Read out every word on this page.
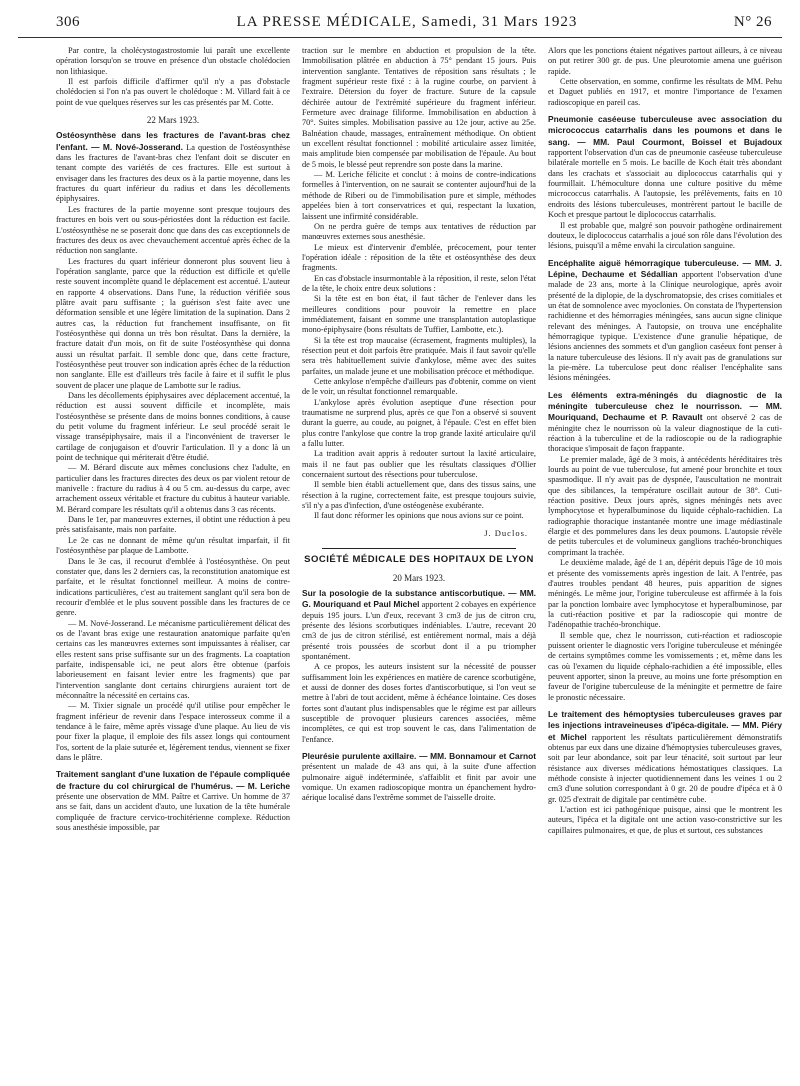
306	LA PRESSE MÉDICALE, Samedi, 31 Mars 1923	N° 26

Par contre, la cholécystogastrostomie lui paraît une excellente opération lorsqu'on se trouve en présence d'un obstacle cholédocien non lithiasique.

Il est parfois difficile d'affirmer qu'il n'y a pas d'obstacle cholédocien si l'on n'a pas ouvert le cholédoque : M. Villard fait à ce point de vue quelques réserves sur les cas présentés par M. Cotte.

22 Mars 1923.

Ostéosynthèse dans les fractures de l'avant-bras chez l'enfant. — M. Nové-Josserand. La question de l'ostéosynthèse dans les fractures de l'avant-bras chez l'enfant doit se discuter en tenant compte des variétés de ces fractures. Elle est surtout à envisager dans les fractures des deux os à la partie moyenne, dans les fractures du quart inférieur du radius et dans les décollements épiphysaires.

Les fractures de la partie moyenne sont presque toujours des fractures en bois vert ou sous-périostées dont la réduction est facile. L'ostéosynthèse ne se poserait donc que dans des cas exceptionnels de fractures des deux os avec chevauchement accentué après échec de la réduction non sanglante.

Les fractures du quart inférieur donneront plus souvent lieu à l'opération sanglante, parce que la réduction est difficile et qu'elle reste souvent incomplète quand le déplacement est accentué. L'auteur en rapporte 4 observations. Dans l'une, la réduction vérifiée sous plâtre avait paru suffisante ; la guérison s'est faite avec une déformation sensible et une légère limitation de la supination. Dans 2 autres cas, la réduction fut franchement insuffisante, on fit l'ostéosynthèse qui donna un très bon résultat. Dans la dernière, la fracture datait d'un mois, on fit de suite l'ostéosynthèse qui donna aussi un résultat parfait. Il semble donc que, dans cette fracture, l'ostéosynthèse peut trouver son indication après échec de la réduction non sanglante. Elle est d'ailleurs très facile à faire et il suffit le plus souvent de placer une plaque de Lambotte sur le radius.

Dans les décollements épiphysaires avec déplacement accentué, la réduction est aussi souvent difficile et incomplète, mais l'ostéosynthèse se présente dans de moins bonnes conditions, à cause du petit volume du fragment inférieur. Le seul procédé serait le vissage transépiphysaire, mais il a l'inconvénient de traverser le cartilage de conjugaison et d'ouvrir l'articulation. Il y a donc là un point de technique qui mériterait d'être étudié.

— M. Bérard discute aux mêmes conclusions chez l'adulte, en particulier dans les fractures directes des deux os par violent retour de manivelle : fracture du radius à 4 ou 5 cm. au-dessus du carpe, avec arrachement osseux véritable et fracture du cubitus à hauteur variable. M. Bérard compare les résultats qu'il a obtenus dans 3 cas récents.

Dans le 1er, par manœuvres externes, il obtint une réduction à peu près satisfaisante, mais non parfaite.

Le 2e cas ne donnant de même qu'un résultat imparfait, il fit l'ostéosynthèse par plaque de Lambotte.

Dans le 3e cas, il recourut d'emblée à l'ostéosynthèse. On peut constater que, dans les 2 derniers cas, la reconstitution anatomique est parfaite, et le résultat fonctionnel meilleur. A moins de contre-indications particulières, c'est au traitement sanglant qu'il sera bon de recourir d'emblée et le plus souvent possible dans les fractures de ce genre.

— M. Nové-Josserand. Le mécanisme particulièrement délicat des os de l'avant bras exige une restauration anatomique parfaite qu'en certains cas les manœuvres externes sont impuissantes à réaliser, car elles restent sans prise suffisante sur un des fragments. La coaptation parfaite, indispensable ici, ne peut alors être obtenue (parfois laborieusement en faisant levier entre les fragments) que par l'intervention sanglante dont certains chirurgiens auraient tort de méconnaître la nécessité en certains cas.

— M. Tixier signale un procédé qu'il utilise pour empêcher le fragment inférieur de revenir dans l'espace interosseux comme il a tendance à le faire, même après vissage d'une plaque. Au lieu de vis pour fixer la plaque, il emploie des fils assez longs qui contournent l'os, sortent de la plaie suturée et, légèrement tendus, viennent se fixer dans le plâtre.

Traitement sanglant d'une luxation de l'épaule compliquée de fracture du col chirurgical de l'humérus. — M. Leriche présente une observation de MM. Paître et Carrive. Un homme de 37 ans se fait, dans un accident d'auto, une luxation de la tête humérale compliquée de fracture cervico-trochitérienne complexe. Réduction sous anesthésie impossible, par

traction sur le membre en abduction et propulsion de la tête. Immobilisation plâtrée en abduction à 75° pendant 15 jours. Puis intervention sanglante. Tentatives de réposition sans résultats ; le fragment supérieur reste fixé : à la rugine courbe, on parvient à l'extraire. Détersion du foyer de fracture. Suture de la capsule déchirée autour de l'extrémité supérieure du fragment inférieur. Fermeture avec drainage filiforme. Immobilisation en abduction à 70°. Suites simples. Mobilisation passive au 12e jour, active au 25e. Balnéation chaude, massages, entraînement méthodique. On obtient un excellent résultat fonctionnel : mobilité articulaire assez limitée, mais amplitude bien compensée par mobilisation de l'épaule. Au bout de 5 mois, le blessé peut reprendre son poste dans la marine.

— M. Leriche félicite et conclut : à moins de contre-indications formelles à l'intervention, on ne saurait se contenter aujourd'hui de la méthode de Riberi ou de l'immobilisation pure et simple, méthodes appelées bien à tort conservatrices et qui, respectant la luxation, laissent une infirmité considérable.

On ne perdra guère de temps aux tentatives de réduction par manœuvres externes sous anesthésie.

Le mieux est d'intervenir d'emblée, précocement, pour tenter l'opération idéale : réposition de la tête et ostéosynthèse des deux fragments.

En cas d'obstacle insurmontable à la réposition, il reste, selon l'état de la tête, le choix entre deux solutions :

Si la tête est en bon état, il faut tâcher de l'enlever dans les meilleures conditions pour pouvoir la remettre en place immédiatement, faisant en somme une transplantation autoplastique mono-épiphysaire (bons résultats de Tuffier, Lambotte, etc.).

Si la tête est trop maucaise (écrasement, fragments multiples), la résection peut et doit parfois être pratiquée. Mais il faut savoir qu'elle sera très habituellement suivie d'ankylose, même avec des suites parfaites, un malade jeune et une mobilisation précoce et méthodique.

Cette ankylose n'empêche d'ailleurs pas d'obtenir, comme on vient de le voir, un résultat fonctionnel remarquable.

L'ankylose après évolution aseptique d'une résection pour traumatisme ne surprend plus, après ce que l'on a observé si souvent durant la guerre, au coude, au poignet, à l'épaule. C'est en effet bien plus contre l'ankylose que contre la trop grande laxité articulaire qu'il a fallu lutter.

La tradition avait appris à redouter surtout la laxité articulaire, mais il ne faut pas oublier que les résultats classiques d'Ollier concernaient surtout des résections pour tuberculose.

Il semble bien établi actuellement que, dans des tissus sains, une résection à la rugine, correctement faite, est presque toujours suivie, s'il n'y a pas d'infection, d'une ostéogenèse exubérante.

Il faut donc réformer les opinions que nous avions sur ce point.

J. Duclos.
SOCIÉTÉ MÉDICALE DES HOPITAUX DE LYON
20 Mars 1923.

Sur la posologie de la substance antiscorbutique. — MM. G. Mouriquand et Paul Michel apportent 2 cobayes en expérience depuis 195 jours. L'un d'eux, recevant 3 cm3 de jus de citron cru, présente des lésions scorbutiques indéniables. L'autre, recevant 20 cm3 de jus de citron stérilisé, est entièrement normal, mais a déjà présenté trois poussées de scorbut dont il a pu triompher spontanément.

A ce propos, les auteurs insistent sur la nécessité de pousser suffisamment loin les expériences en matière de carence scorbutigène, et aussi de donner des doses fortes d'antiscorbutique, si l'on veut se mettre à l'abri de tout accident, même à échéance lointaine. Ces doses fortes sont d'autant plus indispensables que le régime est par ailleurs susceptible de provoquer plusieurs carences associées, même incomplètes, ce qui est trop souvent le cas, dans l'alimentation de l'enfance.

Pleurésie purulente axillaire. — MM. Bonnamour et Carnot présentent un malade de 43 ans qui, à la suite d'une affection pulmonaire aiguë indéterminée, s'affaiblit et finit par avoir une vomique. Un examen radioscopique montra un épanchement hydro-aérique localisé dans l'extrême sommet de l'aisselle droite.

Alors que les ponctions étaient négatives partout ailleurs, à ce niveau on put retirer 300 gr. de pus. Une pleurotomie amena une guérison rapide.

Cette observation, en somme, confirme les résultats de MM. Pehu et Daguet publiés en 1917, et montre l'importance de l'examen radioscopique en pareil cas.

Pneumonie caséeuse tuberculeuse avec association du micrococcus catarrhalis dans les poumons et dans le sang. — MM. Paul Courmont, Boissel et Bujadoux rapportent l'observation d'un cas de pneumonie caséeuse tuberculeuse bilatérale mortelle en 5 mois. Le bacille de Koch était très abondant dans les crachats et s'associait au diplococcus catarrhalis qui y fourmillait. L'hémoculture donna une culture positive du même micrococcus catarrhalis. A l'autopsie, les prélèvements, faits en 10 endroits des lésions tuberculeuses, montrèrent partout le bacille de Koch et presque partout le diplococcus catarrhalis.

Il est probable que, malgré son pouvoir pathogène ordinairement douteux, le diplococcus catarrhalis a joué son rôle dans l'évolution des lésions, puisqu'il a même envahi la circulation sanguine.

Encéphalite aiguë hémorragique tuberculeuse. — MM. J. Lépine, Dechaume et Sédallian apportent l'observation d'une malade de 23 ans, morte à la Clinique neurologique, après avoir présenté de la diplopie, de la dyschromatopsie, des crises comitiales et un état de somnolence avec myoclonies. On constata de l'hypertension rachidienne et des hémorragies méningées, sans aucun signe clinique relevant des méninges. A l'autopsie, on trouva une encéphalite hémorragique typique. L'existence d'une granulie hépatique, de lésions anciennes des sommets et d'un ganglion caséeux font penser à la nature tuberculeuse des lésions. Il n'y avait pas de granulations sur la pie-mère. La tuberculose peut donc réaliser l'encéphalite sans lésions méningées.

Les éléments extra-méningés du diagnostic de la méningite tuberculeuse chez le nourrisson. — MM. Mouriquand, Dechaume et P. Ravault ont observé 2 cas de méningite chez le nourrisson où la valeur diagnostique de la cuti-réaction à la tuberculine et de la radioscopie ou de la radiographie thoracique s'imposait de façon frappante.

Le premier malade, âgé de 3 mois, à antécédents héréditaires très lourds au point de vue tuberculose, fut amené pour bronchite et toux spasmodique. Il n'y avait pas de dyspnée, l'auscultation ne montrait que des sibilances, la température oscillait autour de 38°. Cuti-réaction positive. Deux jours après, signes méningés nets avec lymphocytose et hyperalbuminose du liquide céphalo-rachidien. La radiographie thoracique instantanée montre une image médiastinale élargie et des pommelures dans les deux poumons. L'autopsie révèle de petits tubercules et de volumineux ganglions trachéo-bronchiques comprimant la trachée.

Le deuxième malade, âgé de 1 an, dépérit depuis l'âge de 10 mois et présente des vomissements après ingestion de lait. A l'entrée, pas d'autres troubles pendant 48 heures, puis apparition de signes méningés. Le même jour, l'origine tuberculeuse est affirmée à la fois par la ponction lombaire avec lymphocytose et hyperalbuminose, par la cuti-réaction positive et par la radioscopie qui montre de l'adénopathie trachéo-bronchique.

Il semble que, chez le nourrisson, cuti-réaction et radioscopie puissent orienter le diagnostic vers l'origine tuberculeuse et méningée de certains symptômes comme les vomissements ; et, même dans les cas où l'examen du liquide céphalo-rachidien a été impossible, elles peuvent apporter, sinon la preuve, au moins une forte présomption en faveur de l'origine tuberculeuse de la méningite et permettre de faire le pronostic nécessaire.

Le traitement des hémoptysies tuberculeuses graves par les injections intraveineuses d'ipéca-digitale. — MM. Piéry et Michel rapportent les résultats particulièrement démonstratifs obtenus par eux dans une dizaine d'hémoptysies tuberculeuses graves, soit par leur abondance, soit par leur ténacité, soit surtout par leur résistance aux diverses médications hémostatiques classiques. La méthode consiste à injecter quotidiennement dans les veines 1 ou 2 cm3 d'une solution correspondant à 0 gr. 20 de poudre d'ipéca et à 0 gr. 025 d'extrait de digitale par centimètre cube.

L'action est ici pathogénique puisque, ainsi que le montrent les auteurs, l'ipéca et la digitale ont une action vaso-constrictive sur les capillaires pulmonaires, et que, de plus et surtout, ces substances
